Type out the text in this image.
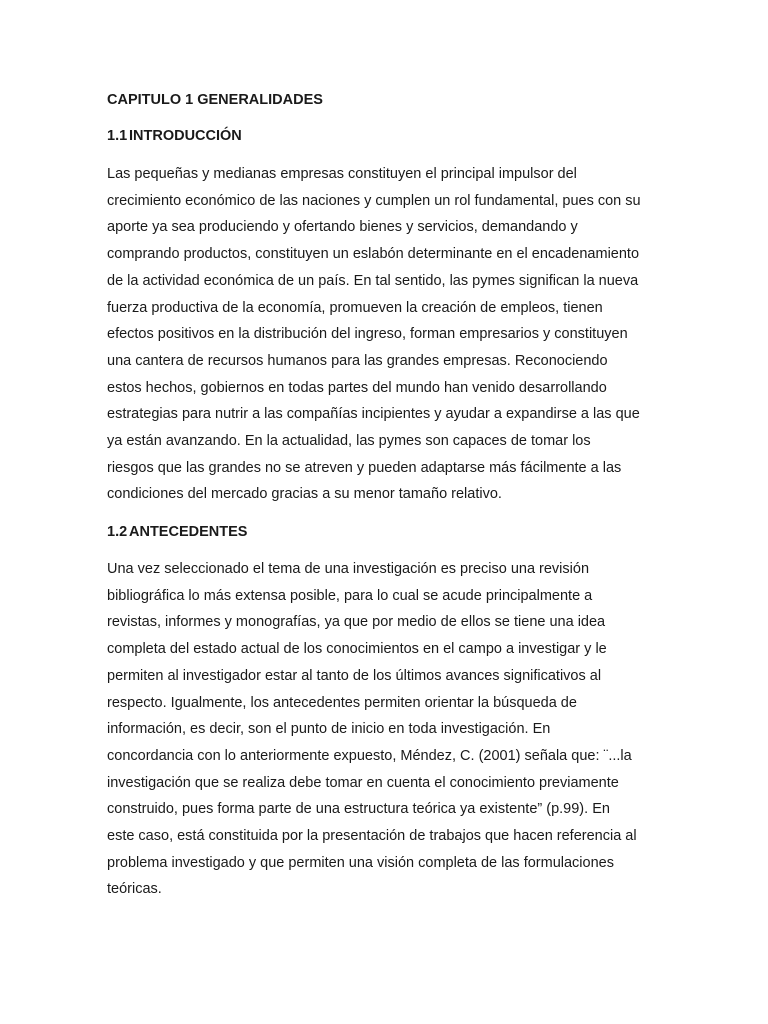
CAPITULO 1 GENERALIDADES
1.1 INTRODUCCIÓN

Las pequeñas y medianas empresas constituyen el principal impulsor del
crecimiento económico de las naciones y cumplen un rol fundamental, pues con su
aporte ya sea produciendo y ofertando bienes y servicios, demandando y
comprando productos, constituyen un eslabón determinante en el encadenamiento
de la actividad económica de un país. En tal sentido, las pymes significan la nueva
fuerza productiva de la economía, promueven la creación de empleos, tienen
efectos positivos en la distribución del ingreso, forman empresarios y constituyen
una cantera de recursos humanos para las grandes empresas. Reconociendo
estos hechos, gobiernos en todas partes del mundo han venido desarrollando
estrategias para nutrir a las compañías incipientes y ayudar a expandirse a las que
ya están avanzando. En la actualidad, las pymes son capaces de tomar los
riesgos que las grandes no se atreven y pueden adaptarse más fácilmente a las
condiciones del mercado gracias a su menor tamaño relativo.

1.2 ANTECEDENTES

Una vez seleccionado el tema de una investigación es preciso una revisión
bibliográfica lo más extensa posible, para lo cual se acude principalmente a
revistas, informes y monografías, ya que por medio de ellos se tiene una idea
completa del estado actual de los conocimientos en el campo a investigar y le
permiten al investigador estar al tanto de los últimos avances significativos al
respecto. Igualmente, los antecedentes permiten orientar la búsqueda de
información, es decir, son el punto de inicio en toda investigación. En
concordancia con lo anteriormente expuesto, Méndez, C. (2001) señala que: ¨...la
investigación que se realiza debe tomar en cuenta el conocimiento previamente
construido, pues forma parte de una estructura teórica ya existente” (p.99). En
este caso, está constituida por la presentación de trabajos que hacen referencia al
problema investigado y que permiten una visión completa de las formulaciones
teóricas.
